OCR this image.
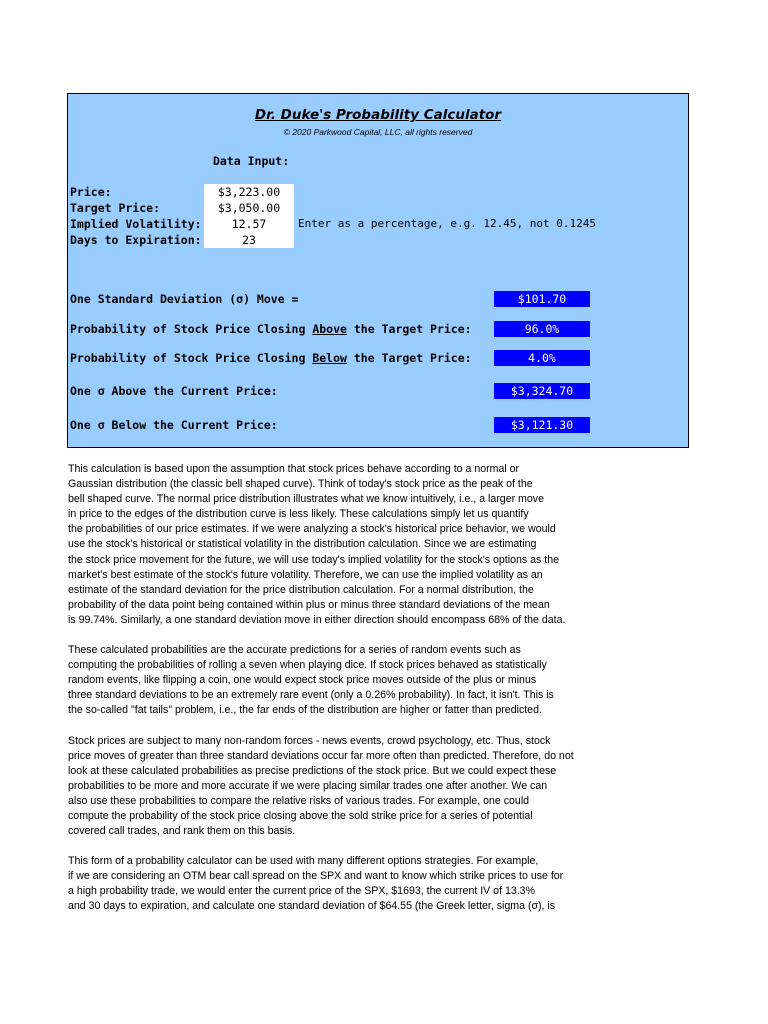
Dr. Duke's Probability Calculator
© 2020 Parkwood Capital, LLC, all rights reserved
Data Input:
Price:	$3,223.00
Target Price:	$3,050.00
Implied Volatility:	12.57	Enter as a percentage, e.g. 12.45, not 0.1245
Days to Expiration:	23
One Standard Deviation (σ) Move =	$101.70
Probability of Stock Price Closing Above the Target Price:	96.0%
Probability of Stock Price Closing Below the Target Price:	4.0%
One σ Above the Current Price:	$3,324.70
One σ Below the Current Price:	$3,121.30
This calculation is based upon the assumption that stock prices behave according to a normal or
Gaussian distribution (the classic bell shaped curve). Think of today's stock price as the peak of the
bell shaped curve. The normal price distribution illustrates what we know intuitively, i.e., a larger move
in price to the edges of the distribution curve is less likely. These calculations simply let us quantify
the probabilities of our price estimates. If we were analyzing a stock's historical price behavior, we would
use the stock's historical or statistical volatility in the distribution calculation. Since we are estimating
the stock price movement for the future, we will use today's implied volatility for the stock's options as the
market's best estimate of the stock's future volatility. Therefore, we can use the implied volatility as an
estimate of the standard deviation for the price distribution calculation. For a normal distribution, the
probability of the data point being contained within plus or minus three standard deviations of the mean
is 99.74%. Similarly, a one standard deviation move in either direction should encompass 68% of the data.
These calculated probabilities are the accurate predictions for a series of random events such as
computing the probabilities of rolling a seven when playing dice. If stock prices behaved as statistically
random events, like flipping a coin, one would expect stock price moves outside of the plus or minus
three standard deviations to be an extremely rare event (only a 0.26% probability). In fact, it isn't. This is
the so-called "fat tails" problem, i.e., the far ends of the distribution are higher or fatter than predicted.
Stock prices are subject to many non-random forces - news events, crowd psychology, etc. Thus, stock
price moves of greater than three standard deviations occur far more often than predicted. Therefore, do not
look at these calculated probabilities as precise predictions of the stock price. But we could expect these
probabilities to be more and more accurate if we were placing similar trades one after another. We can
also use these probabilities to compare the relative risks of various trades. For example, one could
compute the probability of the stock price closing above the sold strike price for a series of potential
covered call trades, and rank them on this basis.
This form of a probability calculator can be used with many different options strategies. For example,
if we are considering an OTM bear call spread on the SPX and want to know which strike prices to use for
a high probability trade, we would enter the current price of the SPX, $1693, the current IV of 13.3%
and 30 days to expiration, and calculate one standard deviation of $64.55 (the Greek letter, sigma (σ), is
